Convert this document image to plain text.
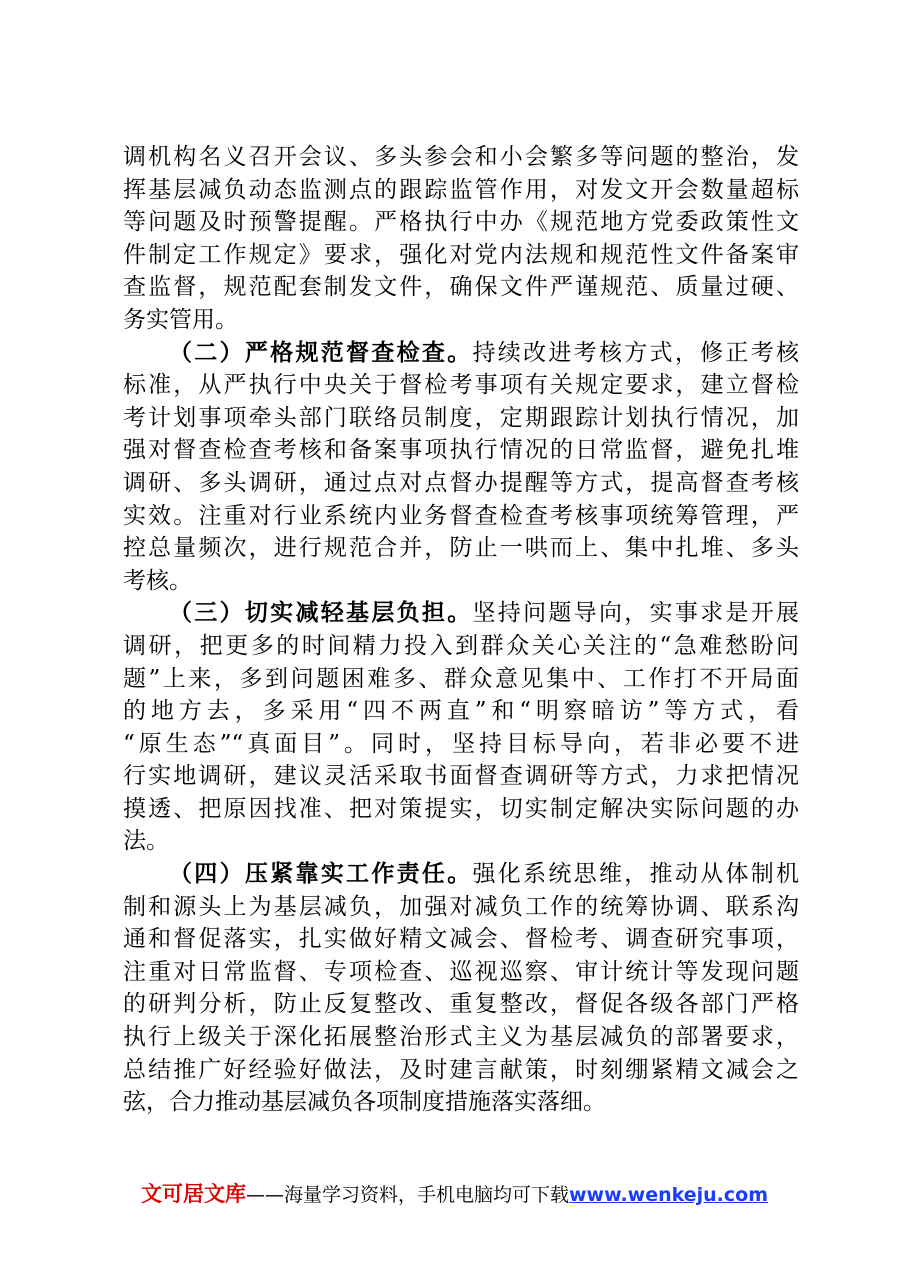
调机构名义召开会议、多头参会和小会繁多等问题的整治，发
挥基层减负动态监测点的跟踪监管作用，对发文开会数量超标
等问题及时预警提醒。严格执行中办《规范地方党委政策性文
件制定工作规定》要求，强化对党内法规和规范性文件备案审
查监督，规范配套制发文件，确保文件严谨规范、质量过硬、
务实管用。
（二）严格规范督查检查。持续改进考核方式，修正考核
标准，从严执行中央关于督检考事项有关规定要求，建立督检
考计划事项牵头部门联络员制度，定期跟踪计划执行情况，加
强对督查检查考核和备案事项执行情况的日常监督，避免扎堆
调研、多头调研，通过点对点督办提醒等方式，提高督查考核
实效。注重对行业系统内业务督查检查考核事项统筹管理，严
控总量频次，进行规范合并，防止一哄而上、集中扎堆、多头
考核。
（三）切实减轻基层负担。坚持问题导向，实事求是开展
调研，把更多的时间精力投入到群众关心关注的“急难愁盼问
题”上来，多到问题困难多、群众意见集中、工作打不开局面
的地方去，多采用“四不两直”和“明察暗访”等方式，看
“原生态”“真面目”。同时，坚持目标导向，若非必要不进
行实地调研，建议灵活采取书面督查调研等方式，力求把情况
摸透、把原因找准、把对策提实，切实制定解决实际问题的办
法。
（四）压紧靠实工作责任。强化系统思维，推动从体制机
制和源头上为基层减负，加强对减负工作的统筹协调、联系沟
通和督促落实，扎实做好精文减会、督检考、调查研究事项，
注重对日常监督、专项检查、巡视巡察、审计统计等发现问题
的研判分析，防止反复整改、重复整改，督促各级各部门严格
执行上级关于深化拓展整治形式主义为基层减负的部署要求，
总结推广好经验好做法，及时建言献策，时刻绷紧精文减会之
弦，合力推动基层减负各项制度措施落实落细。
文可居文库——海量学习资料，手机电脑均可下载www.wenkeju.com
